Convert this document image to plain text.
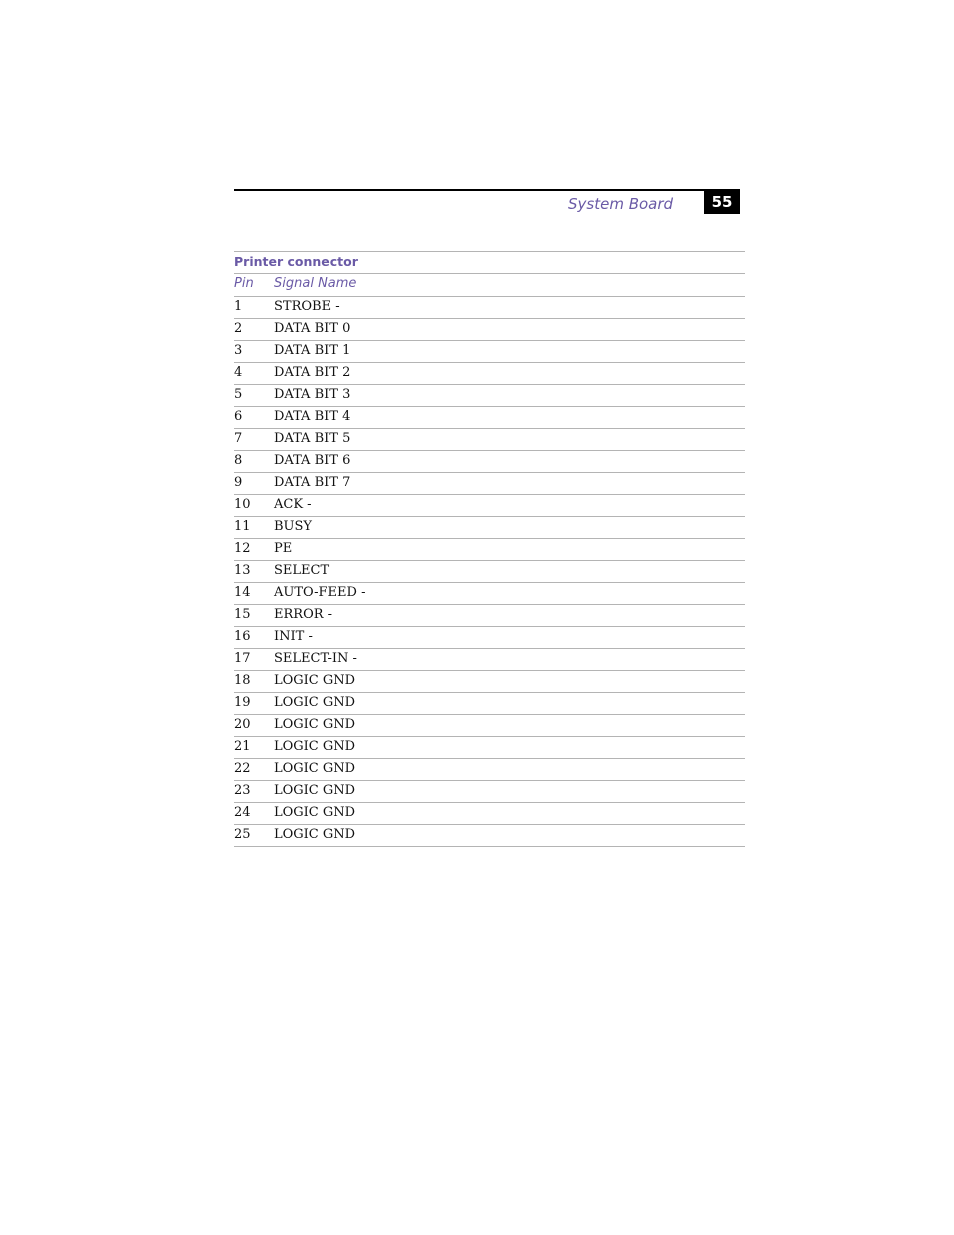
System Board	55
Printer connector
Pin	Signal Name
1	STROBE -
2	DATA BIT 0
3	DATA BIT 1
4	DATA BIT 2
5	DATA BIT 3
6	DATA BIT 4
7	DATA BIT 5
8	DATA BIT 6
9	DATA BIT 7
10	ACK -
11	BUSY
12	PE
13	SELECT
14	AUTO-FEED -
15	ERROR -
16	INIT -
17	SELECT-IN -
18	LOGIC GND
19	LOGIC GND
20	LOGIC GND
21	LOGIC GND
22	LOGIC GND
23	LOGIC GND
24	LOGIC GND
25	LOGIC GND
